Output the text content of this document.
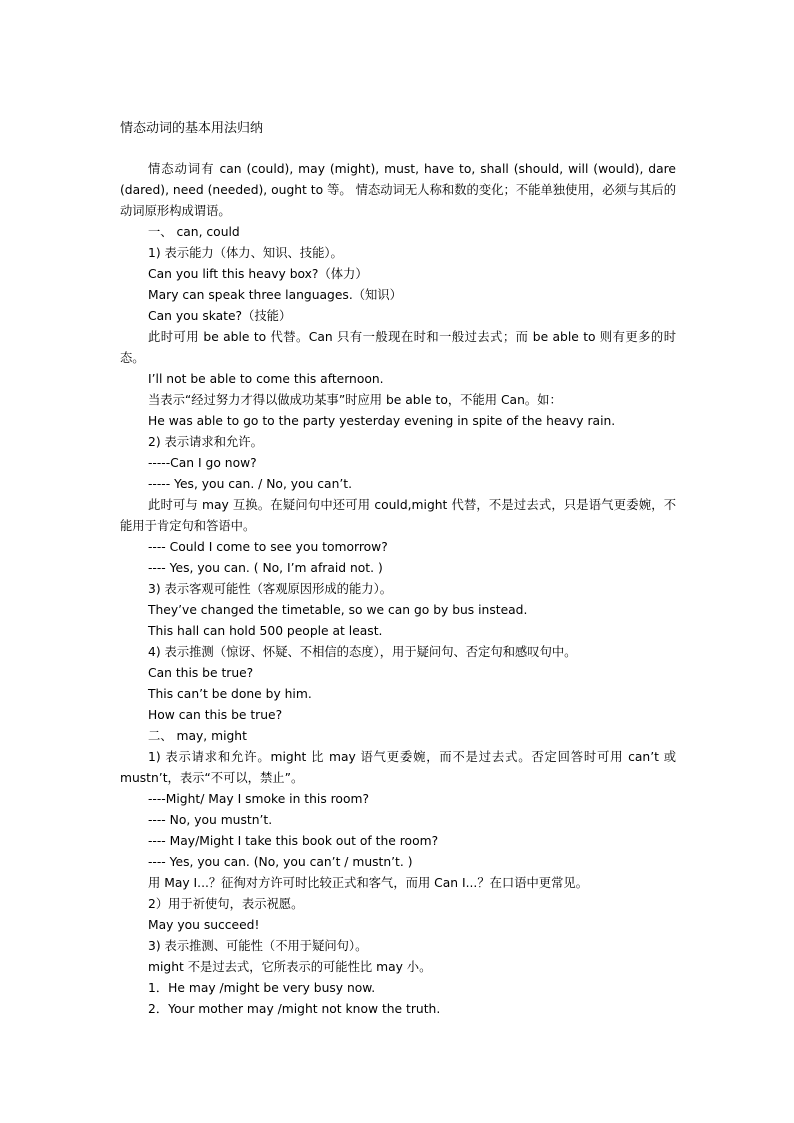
情态动词的基本用法归纳

情态动词有 can (could), may (might), must, have to, shall (should, will (would), dare (dared), need (needed), ought to 等。 情态动词无人称和数的变化；不能单独使用，必须与其后的动词原形构成谓语。

一、 can, could

1) 表示能力（体力、知识、技能）。

Can you lift this heavy box?（体力）

Mary can speak three languages.（知识）

Can you skate?（技能）

此时可用 be able to 代替。Can 只有一般现在时和一般过去式；而 be able to 则有更多的时态。

I’ll not be able to come this afternoon.

当表示“经过努力才得以做成功某事”时应用 be able to，不能用 Can。如：

He was able to go to the party yesterday evening in spite of the heavy rain.

2) 表示请求和允许。

-----Can I go now?

----- Yes, you can. / No, you can’t.

此时可与 may 互换。在疑问句中还可用 could,might 代替，不是过去式，只是语气更委婉，不能用于肯定句和答语中。

---- Could I come to see you tomorrow?

---- Yes, you can. ( No, I’m afraid not. )

3) 表示客观可能性（客观原因形成的能力）。

They’ve changed the timetable, so we can go by bus instead.

This hall can hold 500 people at least.

4) 表示推测（惊讶、怀疑、不相信的态度），用于疑问句、否定句和感叹句中。

Can this be true?

This can’t be done by him.

How can this be true?

二、 may, might

1) 表示请求和允许。might 比 may 语气更委婉，而不是过去式。否定回答时可用 can’t 或 mustn’t，表示“不可以，禁止”。

----Might/ May I smoke in this room?

---- No, you mustn’t.

---- May/Might I take this book out of the room?

---- Yes, you can. (No, you can’t / mustn’t. )

用 May I...？征徇对方许可时比较正式和客气，而用 Can I...？在口语中更常见。

2）用于祈使句，表示祝愿。

May you succeed!

3) 表示推测、可能性（不用于疑问句）。

might 不是过去式，它所表示的可能性比 may 小。

1．He may /might be very busy now.

2．Your mother may /might not know the truth.
